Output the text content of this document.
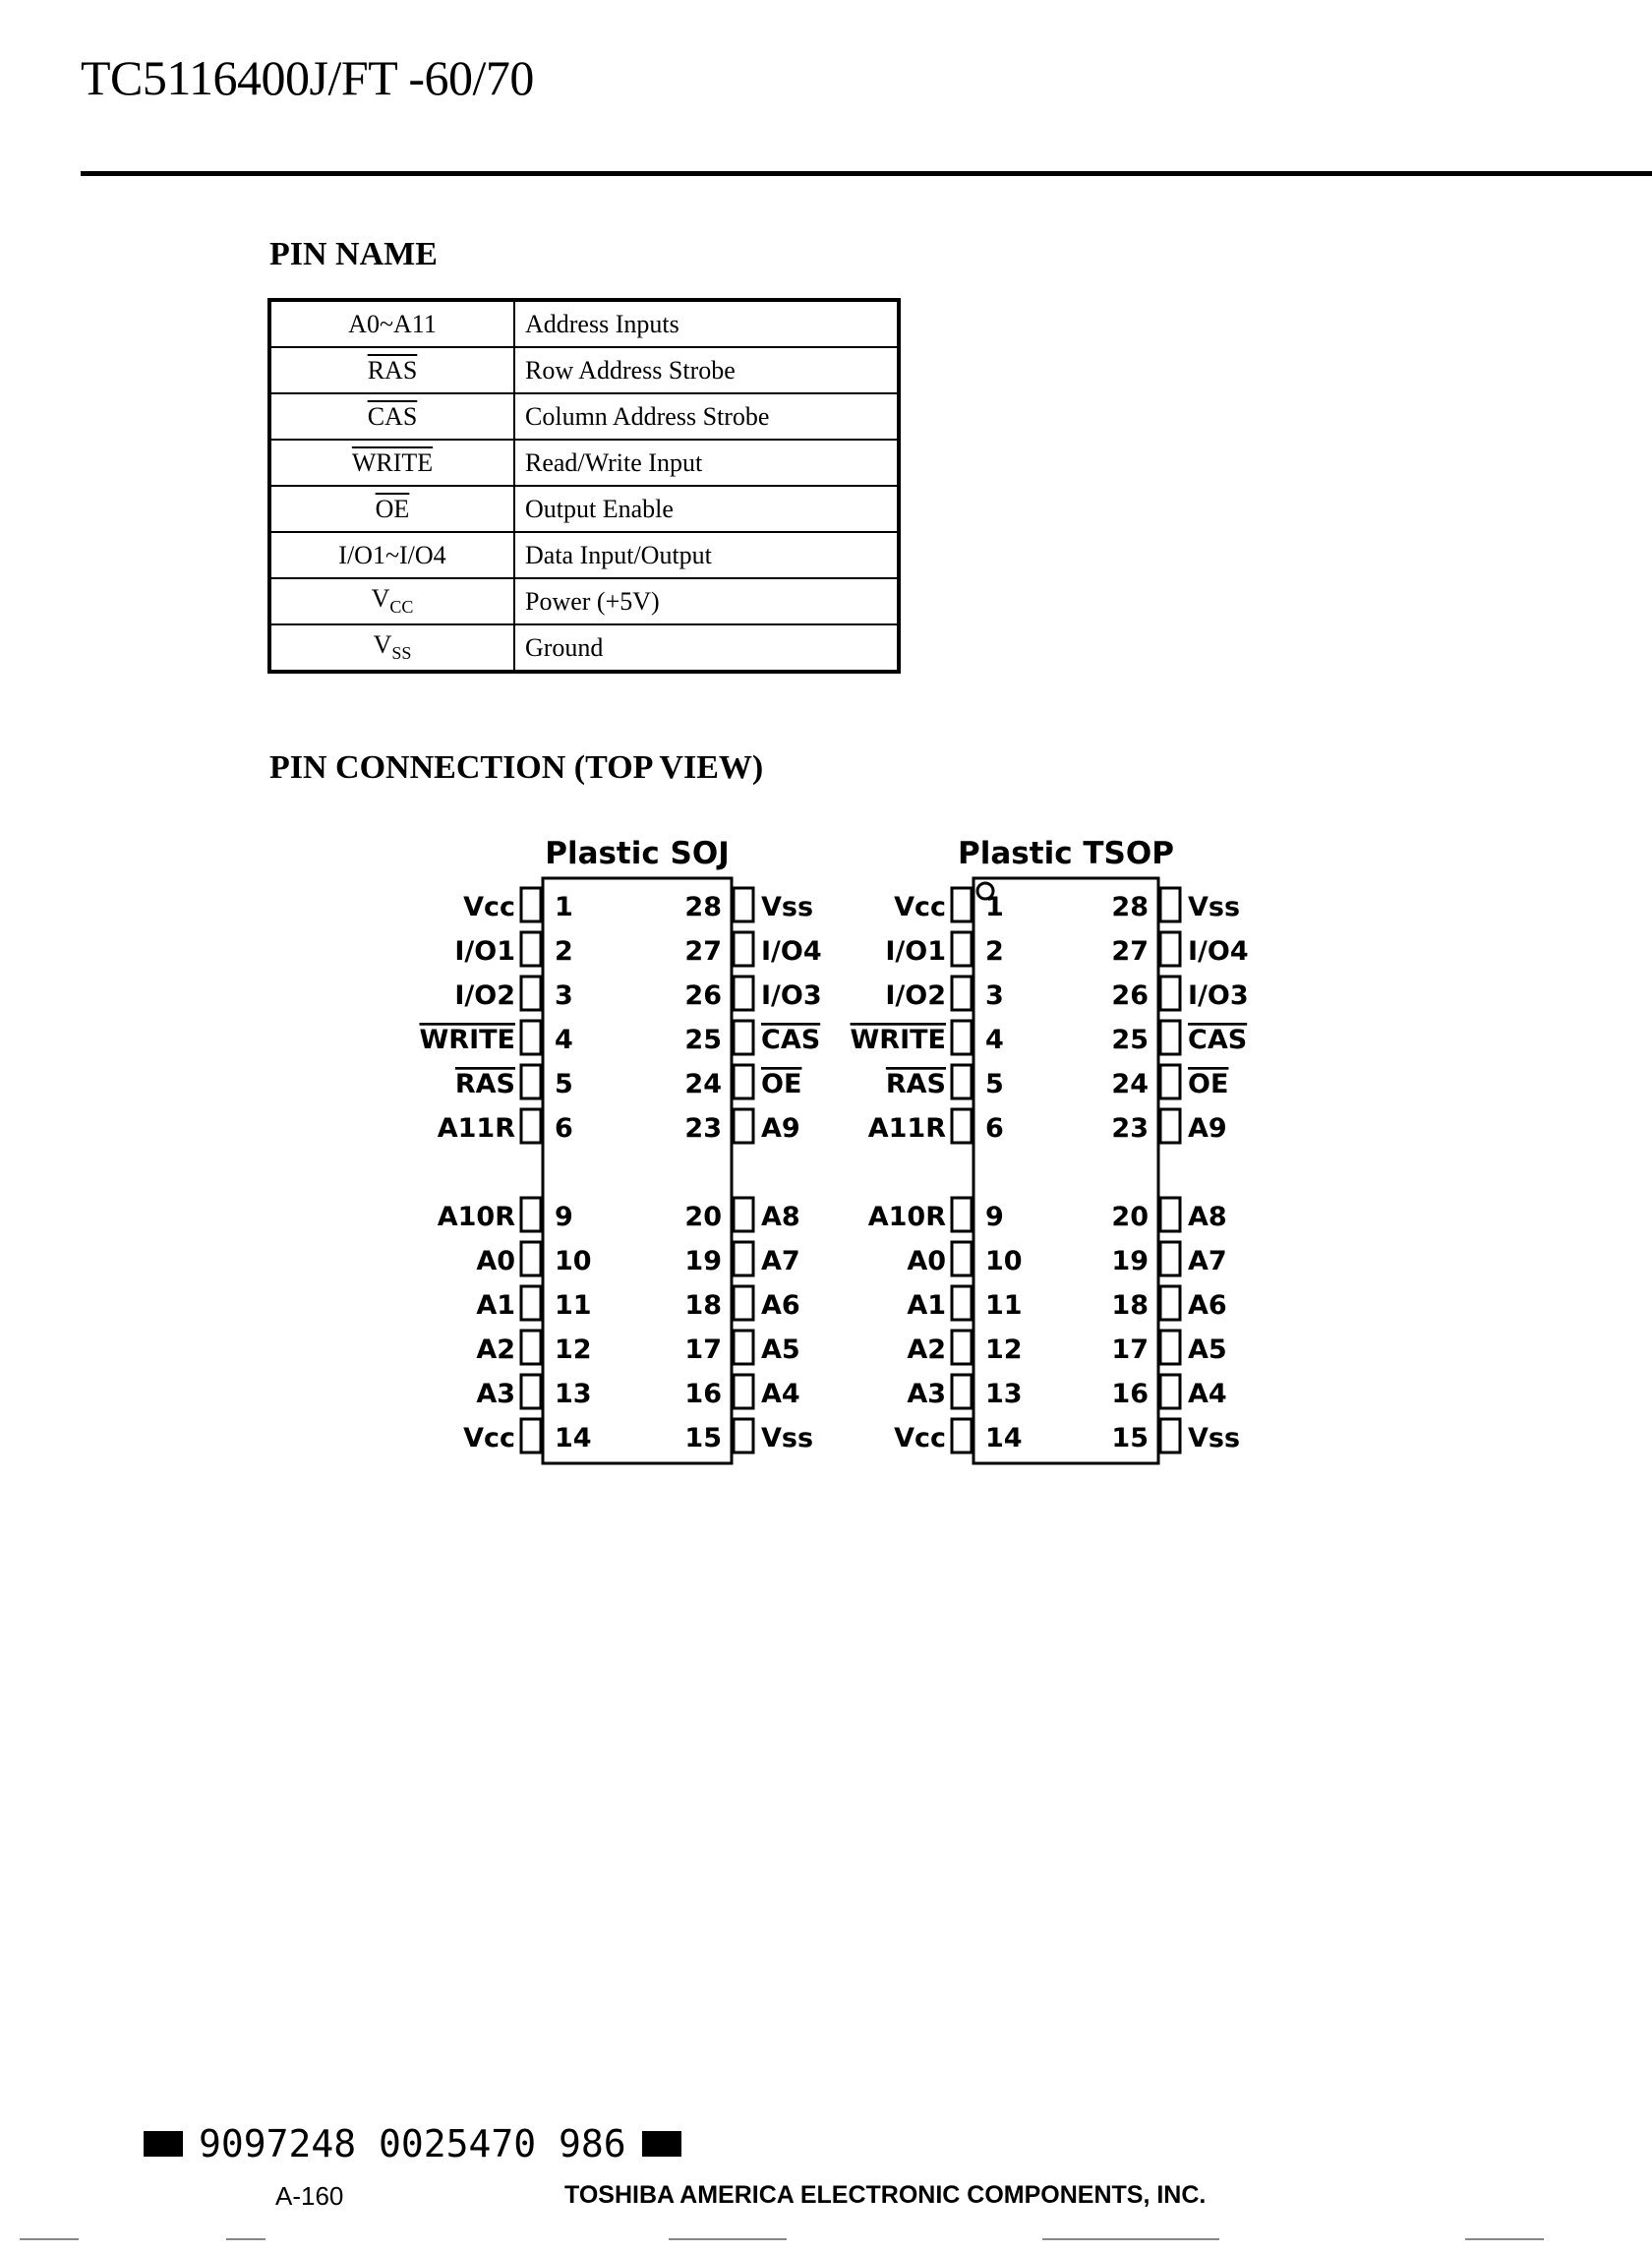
TC5116400J/FT -60/70
PIN NAME
A0~A11	Address Inputs
$\overline{RAS}$	Row Address Strobe
$\overline{CAS}$	Column Address Strobe
WRITE	Read/Write Input
$\overline{OE}$	Output Enable
I/O1~I/O4	Data Input/Output
$V_{CC}$	Power (+5V)
$V_{SS}$	Ground
PIN CONNECTION (TOP VIEW)
Plastic SOJ
1
Vcc
2
I/O1
3
I/O2
4
WRITE
5
RAS
6
A11R
9
A10R
10
A0
11
A1
12
A2
13
A3
14
Vcc
28 Vss
27 I/O4
26 I/O3
25 CAS
24 OE
23 A9
20 A8
19 A7
18 A6
17 A5
16 A4
15 Vss
Plastic TSOP
1
Vcc
2
I/O1
3
I/O2
4
WRITE
5
RAS
6
A11R
9
A10R
10
A0
11
A1
12
A2
13
A3
14
Vcc
28 Vss
27 I/O4
26 I/O3
25 CAS
24 OE
23 A9
20 A8
19 A7
18 A6
17 A5
16 A4
15 Vss
9097248 0025470 986
A-160	TOSHIBA AMERICA ELECTRONIC COMPONENTS, INC.
